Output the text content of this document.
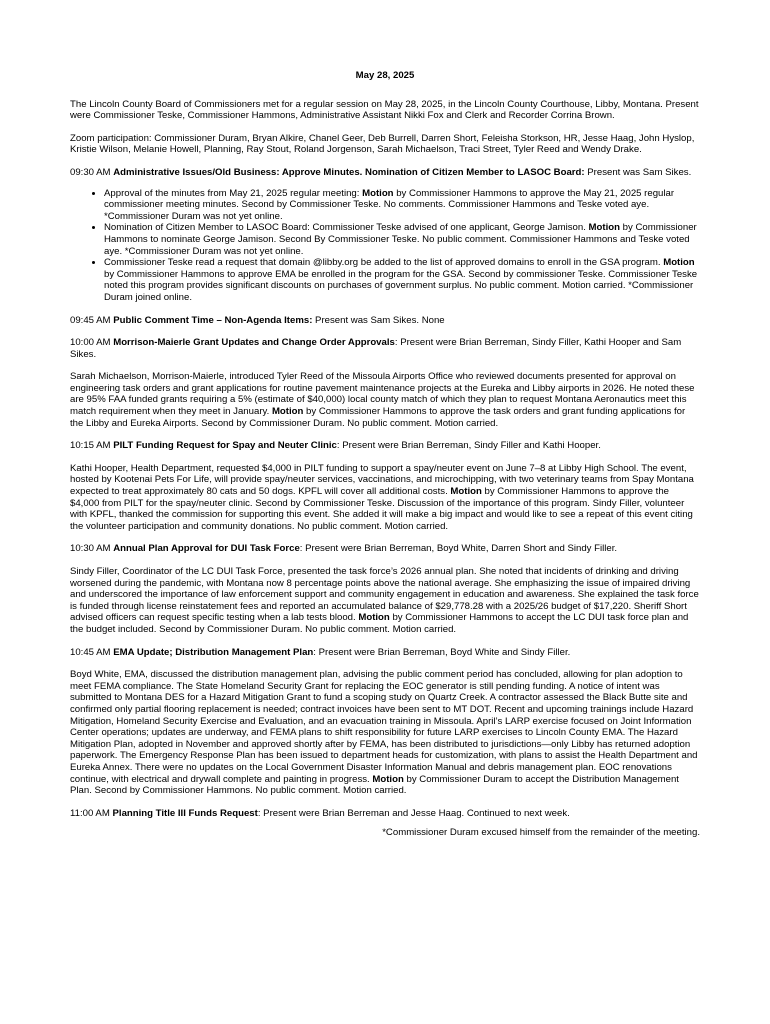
May 28, 2025

The Lincoln County Board of Commissioners met for a regular session on May 28, 2025, in the Lincoln County Courthouse, Libby, Montana. Present were Commissioner Teske, Commissioner Hammons, Administrative Assistant Nikki Fox and Clerk and Recorder Corrina Brown.

Zoom participation: Commissioner Duram, Bryan Alkire, Chanel Geer, Deb Burrell, Darren Short, Feleisha Storkson, HR, Jesse Haag, John Hyslop, Kristie Wilson, Melanie Howell, Planning, Ray Stout, Roland Jorgenson, Sarah Michaelson, Traci Street, Tyler Reed and Wendy Drake.

09:30 AM Administrative Issues/Old Business: Approve Minutes. Nomination of Citizen Member to LASOC Board: Present was Sam Sikes.

• Approval of the minutes from May 21, 2025 regular meeting: Motion by Commissioner Hammons to approve the May 21, 2025 regular commissioner meeting minutes. Second by Commissioner Teske. No comments. Commissioner Hammons and Teske voted aye. *Commissioner Duram was not yet online.
• Nomination of Citizen Member to LASOC Board: Commissioner Teske advised of one applicant, George Jamison. Motion by Commissioner Hammons to nominate George Jamison. Second By Commissioner Teske. No public comment. Commissioner Hammons and Teske voted aye. *Commissioner Duram was not yet online.
• Commissioner Teske read a request that domain @libby.org be added to the list of approved domains to enroll in the GSA program. Motion by Commissioner Hammons to approve EMA be enrolled in the program for the GSA. Second by commissioner Teske. Commissioner Teske noted this program provides significant discounts on purchases of government surplus. No public comment. Motion carried. *Commissioner Duram joined online.

09:45 AM Public Comment Time – Non-Agenda Items: Present was Sam Sikes. None

10:00 AM Morrison-Maierle Grant Updates and Change Order Approvals: Present were Brian Berreman, Sindy Filler, Kathi Hooper and Sam Sikes.

Sarah Michaelson, Morrison-Maierle, introduced Tyler Reed of the Missoula Airports Office who reviewed documents presented for approval on engineering task orders and grant applications for routine pavement maintenance projects at the Eureka and Libby airports in 2026. He noted these are 95% FAA funded grants requiring a 5% (estimate of $40,000) local county match of which they plan to request Montana Aeronautics meet this match requirement when they meet in January. Motion by Commissioner Hammons to approve the task orders and grant funding applications for the Libby and Eureka Airports. Second by Commissioner Duram. No public comment. Motion carried.

10:15 AM PILT Funding Request for Spay and Neuter Clinic: Present were Brian Berreman, Sindy Filler and Kathi Hooper.

Kathi Hooper, Health Department, requested $4,000 in PILT funding to support a spay/neuter event on June 7–8 at Libby High School. The event, hosted by Kootenai Pets For Life, will provide spay/neuter services, vaccinations, and microchipping, with two veterinary teams from Spay Montana expected to treat approximately 80 cats and 50 dogs. KPFL will cover all additional costs. Motion by Commissioner Hammons to approve the $4,000 from PILT for the spay/neuter clinic. Second by Commissioner Teske. Discussion of the importance of this program. Sindy Filler, volunteer with KPFL, thanked the commission for supporting this event. She added it will make a big impact and would like to see a repeat of this event citing the volunteer participation and community donations. No public comment. Motion carried.

10:30 AM Annual Plan Approval for DUI Task Force: Present were Brian Berreman, Boyd White, Darren Short and Sindy Filler.

Sindy Filler, Coordinator of the LC DUI Task Force, presented the task force’s 2026 annual plan. She noted that incidents of drinking and driving worsened during the pandemic, with Montana now 8 percentage points above the national average. She emphasizing the issue of impaired driving and underscored the importance of law enforcement support and community engagement in education and awareness. She explained the task force is funded through license reinstatement fees and reported an accumulated balance of $29,778.28 with a 2025/26 budget of $17,220. Sheriff Short advised officers can request specific testing when a lab tests blood. Motion by Commissioner Hammons to accept the LC DUI task force plan and the budget included. Second by Commissioner Duram. No public comment. Motion carried.

10:45 AM EMA Update; Distribution Management Plan: Present were Brian Berreman, Boyd White and Sindy Filler.

Boyd White, EMA, discussed the distribution management plan, advising the public comment period has concluded, allowing for plan adoption to meet FEMA compliance. The State Homeland Security Grant for replacing the EOC generator is still pending funding. A notice of intent was submitted to Montana DES for a Hazard Mitigation Grant to fund a scoping study on Quartz Creek. A contractor assessed the Black Butte site and confirmed only partial flooring replacement is needed; contract invoices have been sent to MT DOT. Recent and upcoming trainings include Hazard Mitigation, Homeland Security Exercise and Evaluation, and an evacuation training in Missoula. April’s LARP exercise focused on Joint Information Center operations; updates are underway, and FEMA plans to shift responsibility for future LARP exercises to Lincoln County EMA. The Hazard Mitigation Plan, adopted in November and approved shortly after by FEMA, has been distributed to jurisdictions—only Libby has returned adoption paperwork. The Emergency Response Plan has been issued to department heads for customization, with plans to assist the Health Department and Eureka Annex. There were no updates on the Local Government Disaster Information Manual and debris management plan. EOC renovations continue, with electrical and drywall complete and painting in progress. Motion by Commissioner Duram to accept the Distribution Management Plan. Second by Commissioner Hammons. No public comment. Motion carried.

11:00 AM Planning Title III Funds Request: Present were Brian Berreman and Jesse Haag. Continued to next week.

*Commissioner Duram excused himself from the remainder of the meeting.
